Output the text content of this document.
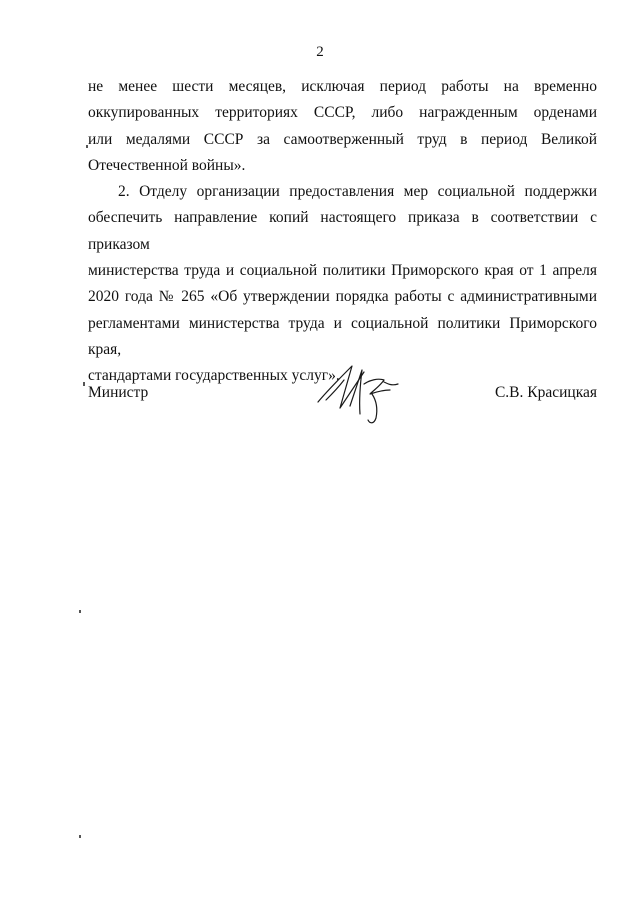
2
не менее шести месяцев, исключая период работы на временно
оккупированных территориях СССР, либо награжденным орденами
или медалями СССР за самоотверженный труд в период Великой
Отечественной войны».
2. Отделу организации предоставления мер социальной поддержки
обеспечить направление копий настоящего приказа в соответствии с приказом
министерства труда и социальной политики Приморского края от 1 апреля
2020 года № 265 «Об утверждении порядка работы с административными
регламентами министерства труда и социальной политики Приморского края,
стандартами государственных услуг».
Министр	С.В. Красицкая
